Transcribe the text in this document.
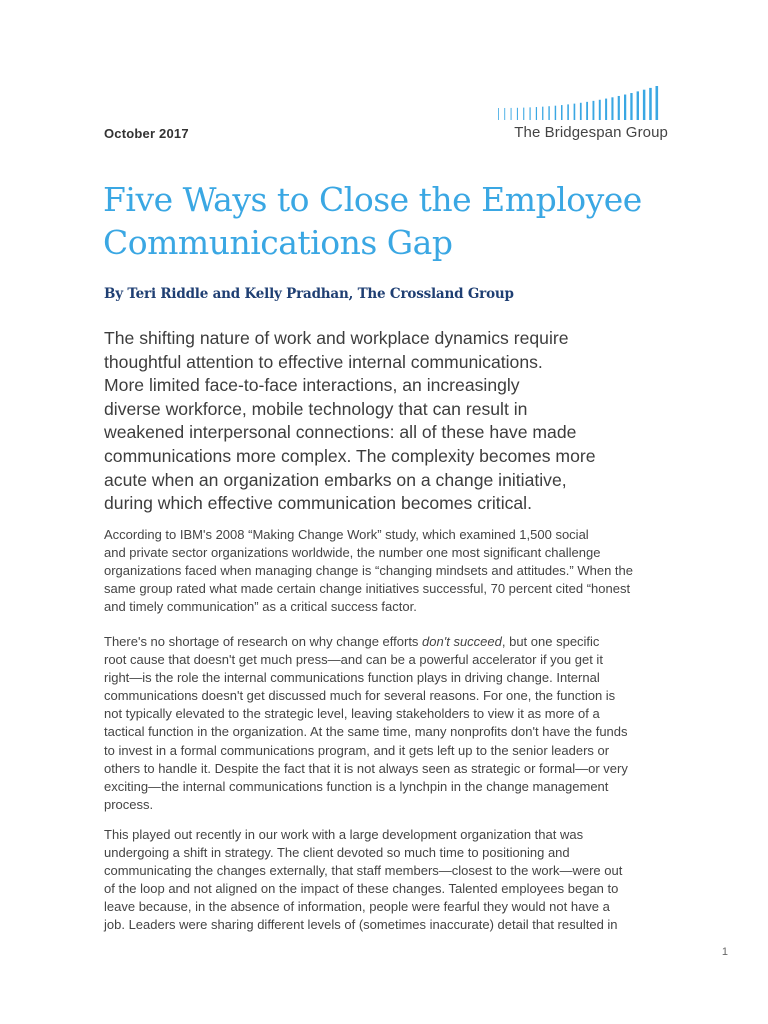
October 2017	The Bridgespan Group
Five Ways to Close the Employee
Communications Gap
By Teri Riddle and Kelly Pradhan, The Crossland Group

The shifting nature of work and workplace dynamics require
thoughtful attention to effective internal communications.
More limited face-to-face interactions, an increasingly
diverse workforce, mobile technology that can result in
weakened interpersonal connections: all of these have made
communications more complex. The complexity becomes more
acute when an organization embarks on a change initiative,
during which effective communication becomes critical.

According to IBM's 2008 “Making Change Work” study, which examined 1,500 social
and private sector organizations worldwide, the number one most significant challenge
organizations faced when managing change is “changing mindsets and attitudes.” When the
same group rated what made certain change initiatives successful, 70 percent cited “honest
and timely communication” as a critical success factor.

There's no shortage of research on why change efforts don't succeed, but one specific
root cause that doesn't get much press—and can be a powerful accelerator if you get it
right—is the role the internal communications function plays in driving change. Internal
communications doesn't get discussed much for several reasons. For one, the function is
not typically elevated to the strategic level, leaving stakeholders to view it as more of a
tactical function in the organization. At the same time, many nonprofits don't have the funds
to invest in a formal communications program, and it gets left up to the senior leaders or
others to handle it. Despite the fact that it is not always seen as strategic or formal—or very
exciting—the internal communications function is a lynchpin in the change management
process.

This played out recently in our work with a large development organization that was
undergoing a shift in strategy. The client devoted so much time to positioning and
communicating the changes externally, that staff members—closest to the work—were out
of the loop and not aligned on the impact of these changes. Talented employees began to
leave because, in the absence of information, people were fearful they would not have a
job. Leaders were sharing different levels of (sometimes inaccurate) detail that resulted in

1
